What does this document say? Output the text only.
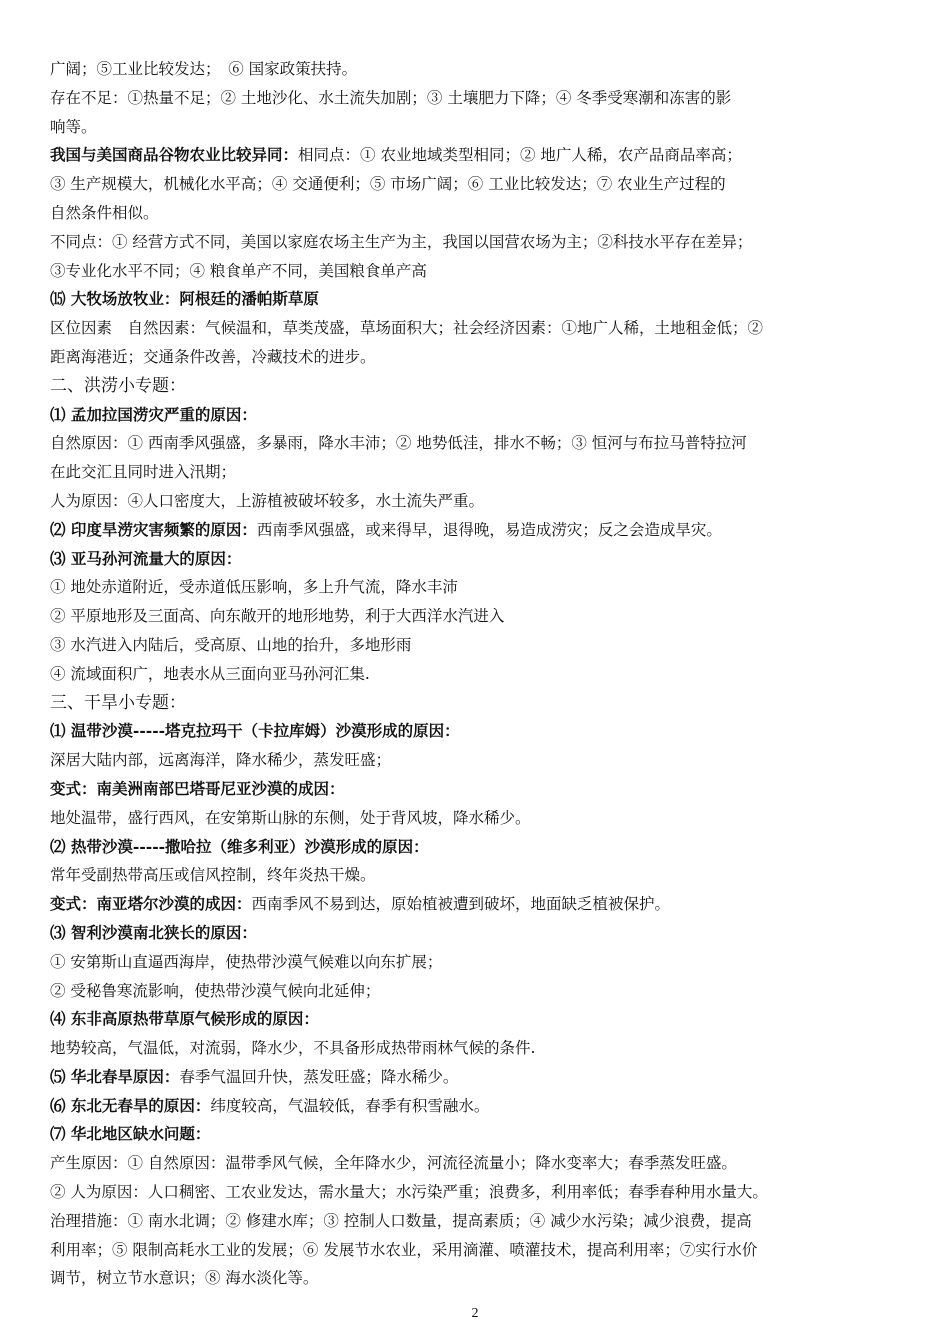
广阔；⑤工业比较发达；　⑥ 国家政策扶持。
存在不足：①热量不足；② 土地沙化、水土流失加剧；③ 土壤肥力下降；④ 冬季受寒潮和冻害的影
响等。
我国与美国商品谷物农业比较异同：相同点：① 农业地域类型相同；② 地广人稀，农产品商品率高；
③ 生产规模大，机械化水平高；④ 交通便利；⑤ 市场广阔；⑥ 工业比较发达；⑦ 农业生产过程的
自然条件相似。
不同点：① 经营方式不同，美国以家庭农场主生产为主，我国以国营农场为主；②科技水平存在差异；
③专业化水平不同；④ 粮食单产不同，美国粮食单产高
⒂ 大牧场放牧业：阿根廷的潘帕斯草原
区位因素　自然因素：气候温和，草类茂盛，草场面积大；社会经济因素：①地广人稀，土地租金低；②
距离海港近；交通条件改善，冷藏技术的进步。
二、洪涝小专题：
⑴ 孟加拉国涝灾严重的原因：
自然原因：① 西南季风强盛，多暴雨，降水丰沛；② 地势低洼，排水不畅；③ 恒河与布拉马普特拉河
在此交汇且同时进入汛期；
人为原因：④人口密度大，上游植被破坏较多，水土流失严重。
⑵ 印度旱涝灾害频繁的原因：西南季风强盛，或来得早，退得晚，易造成涝灾；反之会造成旱灾。
⑶ 亚马孙河流量大的原因：
① 地处赤道附近，受赤道低压影响，多上升气流，降水丰沛
② 平原地形及三面高、向东敞开的地形地势，利于大西洋水汽进入
③ 水汽进入内陆后，受高原、山地的抬升，多地形雨
④ 流域面积广，地表水从三面向亚马孙河汇集.
三、干旱小专题：
⑴ 温带沙漠-----塔克拉玛干（卡拉库姆）沙漠形成的原因：
深居大陆内部，远离海洋，降水稀少，蒸发旺盛；
变式：南美洲南部巴塔哥尼亚沙漠的成因：
地处温带，盛行西风，在安第斯山脉的东侧，处于背风坡，降水稀少。
⑵ 热带沙漠-----撒哈拉（维多利亚）沙漠形成的原因：
常年受副热带高压或信风控制，终年炎热干燥。
变式：南亚塔尔沙漠的成因：西南季风不易到达，原始植被遭到破坏，地面缺乏植被保护。
⑶ 智利沙漠南北狭长的原因：
① 安第斯山直逼西海岸，使热带沙漠气候难以向东扩展；
② 受秘鲁寒流影响，使热带沙漠气候向北延伸；
⑷ 东非高原热带草原气候形成的原因：
地势较高，气温低，对流弱，降水少，不具备形成热带雨林气候的条件.
⑸ 华北春旱原因：春季气温回升快，蒸发旺盛；降水稀少。
⑹ 东北无春旱的原因：纬度较高，气温较低，春季有积雪融水。
⑺ 华北地区缺水问题：
产生原因：① 自然原因：温带季风气候，全年降水少，河流径流量小；降水变率大；春季蒸发旺盛。
② 人为原因：人口稠密、工农业发达，需水量大；水污染严重；浪费多，利用率低；春季春种用水量大。
治理措施：① 南水北调；② 修建水库；③ 控制人口数量，提高素质；④ 减少水污染；减少浪费，提高
利用率；⑤ 限制高耗水工业的发展；⑥ 发展节水农业，采用滴灌、喷灌技术，提高利用率；⑦实行水价
调节，树立节水意识；⑧ 海水淡化等。
2
